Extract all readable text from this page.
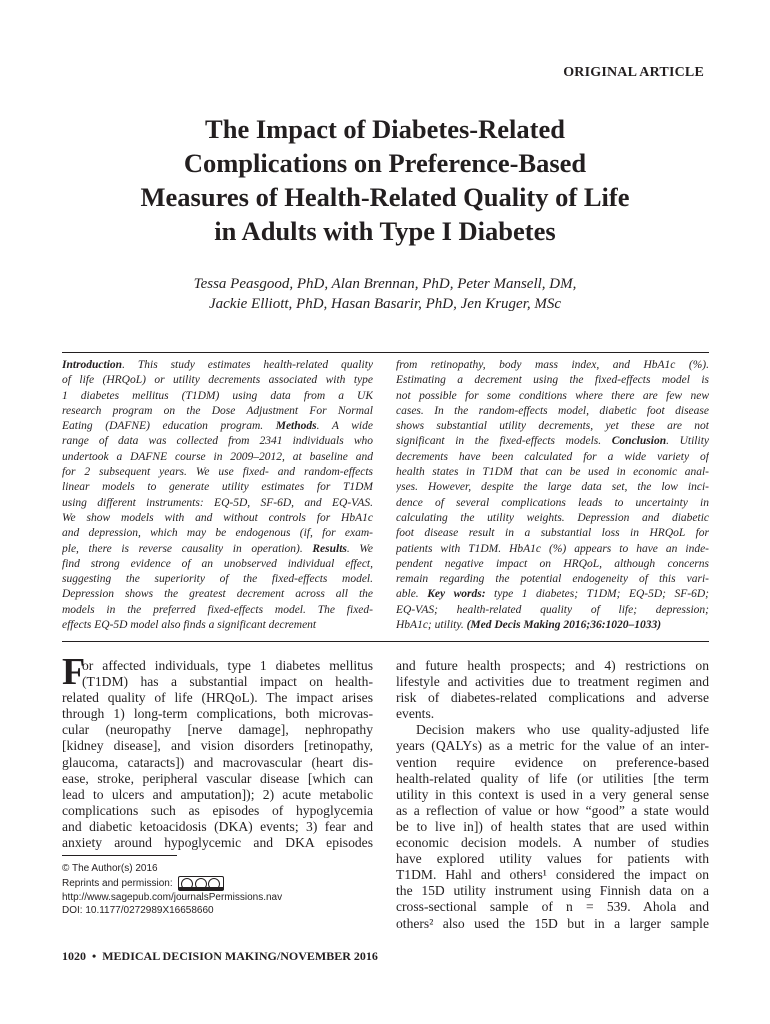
ORIGINAL ARTICLE
The Impact of Diabetes-Related
Complications on Preference-Based
Measures of Health-Related Quality of Life
in Adults with Type I Diabetes
Tessa Peasgood, PhD, Alan Brennan, PhD, Peter Mansell, DM,
Jackie Elliott, PhD, Hasan Basarir, PhD, Jen Kruger, MSc
Introduction. This study estimates health-related quality
of life (HRQoL) or utility decrements associated with type
1 diabetes mellitus (T1DM) using data from a UK
research program on the Dose Adjustment For Normal
Eating (DAFNE) education program. Methods. A wide
range of data was collected from 2341 individuals who
undertook a DAFNE course in 2009–2012, at baseline and
for 2 subsequent years. We use fixed- and random-effects
linear models to generate utility estimates for T1DM
using different instruments: EQ-5D, SF-6D, and EQ-VAS.
We show models with and without controls for HbA1c
and depression, which may be endogenous (if, for exam-
ple, there is reverse causality in operation). Results. We
find strong evidence of an unobserved individual effect,
suggesting the superiority of the fixed-effects model.
Depression shows the greatest decrement across all the
models in the preferred fixed-effects model. The fixed-
effects EQ-5D model also finds a significant decrement
from retinopathy, body mass index, and HbA1c (%).
Estimating a decrement using the fixed-effects model is
not possible for some conditions where there are few new
cases. In the random-effects model, diabetic foot disease
shows substantial utility decrements, yet these are not
significant in the fixed-effects models. Conclusion. Utility
decrements have been calculated for a wide variety of
health states in T1DM that can be used in economic anal-
yses. However, despite the large data set, the low inci-
dence of several complications leads to uncertainty in
calculating the utility weights. Depression and diabetic
foot disease result in a substantial loss in HRQoL for
patients with T1DM. HbA1c (%) appears to have an inde-
pendent negative impact on HRQoL, although concerns
remain regarding the potential endogeneity of this vari-
able. Key words: type 1 diabetes; T1DM; EQ-5D; SF-6D;
EQ-VAS; health-related quality of life; depression;
HbA1c; utility. (Med Decis Making 2016;36:1020–1033)
F
or affected individuals, type 1 diabetes mellitus
(T1DM) has a substantial impact on health-
related quality of life (HRQoL). The impact arises
through 1) long-term complications, both microvas-
cular (neuropathy [nerve damage], nephropathy
[kidney disease], and vision disorders [retinopathy,
glaucoma, cataracts]) and macrovascular (heart dis-
ease, stroke, peripheral vascular disease [which can
lead to ulcers and amputation]); 2) acute metabolic
complications such as episodes of hypoglycemia
and diabetic ketoacidosis (DKA) events; 3) fear and
anxiety around hypoglycemic and DKA episodes
and future health prospects; and 4) restrictions on
lifestyle and activities due to treatment regimen and
risk of diabetes-related complications and adverse
events.
Decision makers who use quality-adjusted life
years (QALYs) as a metric for the value of an inter-
vention require evidence on preference-based
health-related quality of life (or utilities [the term
utility in this context is used in a very general sense
as a reflection of value or how “good” a state would
be to live in]) of health states that are used within
economic decision models. A number of studies
have explored utility values for patients with
T1DM. Hahl and others¹ considered the impact on
the 15D utility instrument using Finnish data on a
cross-sectional sample of n = 539. Ahola and
others² also used the 15D but in a larger sample
© The Author(s) 2016
Reprints and permission:
http://www.sagepub.com/journalsPermissions.nav
DOI: 10.1177/0272989X16658660
1020 • MEDICAL DECISION MAKING/NOVEMBER 2016
